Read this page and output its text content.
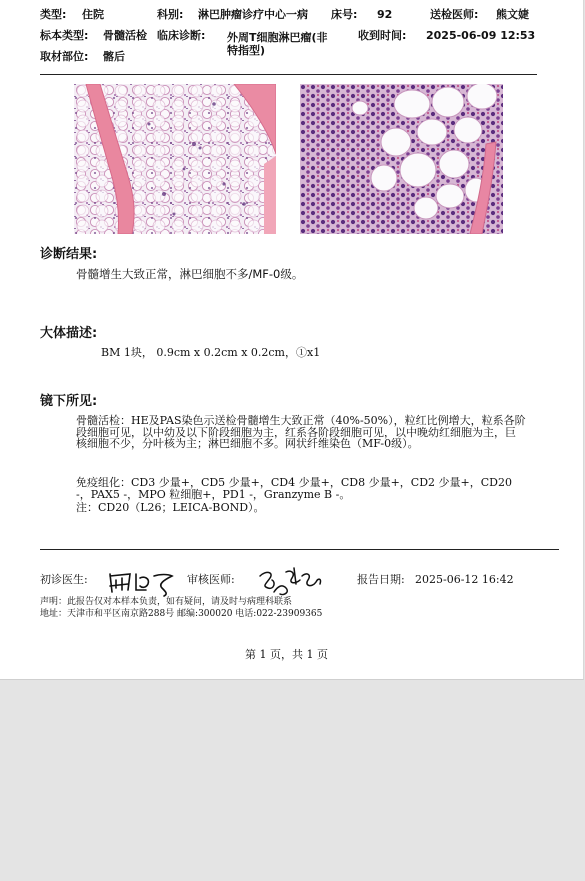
类型: 住院	科别: 淋巴肿瘤诊疗中心一病 床号: 92	送检医师: 熊文婕
标本类型: 骨髓活检 临床诊断: 外周T细胞淋巴瘤(非
特指型)
收到时间: 2025-06-09 12:53
取材部位: 髂后
诊断结果:
骨髓增生大致正常，淋巴细胞不多/MF-0级。
大体描述:
BM 1块， 0.9cm x 0.2cm x 0.2cm，①x1
镜下所见:
骨髓活检：HE及PAS染色示送检骨髓增生大致正常（40%-50%），粒红比例增大，粒系各阶段细胞可见，以中幼及以下阶段细胞为主，红系各阶段细胞可见，以中晚幼红细胞为主，巨核细胞不少，分叶核为主；淋巴细胞不多。网状纤维染色（MF-0级）。
免疫组化：CD3 少量+，CD5 少量+，CD4 少量+，CD8 少量+，CD2 少量+，CD20 -，PAX5 -，MPO 粒细胞+，PD1 -，Granzyme B -。
注：CD20（L26；LEICA-BOND）。
初诊医生:	审核医师:	报告日期: 2025-06-12 16:42
声明：此报告仅对本样本负责，如有疑问，请及时与病理科联系
地址：天津市和平区南京路288号 邮编:300020 电话:022-23909365
第 1 页，共 1 页
